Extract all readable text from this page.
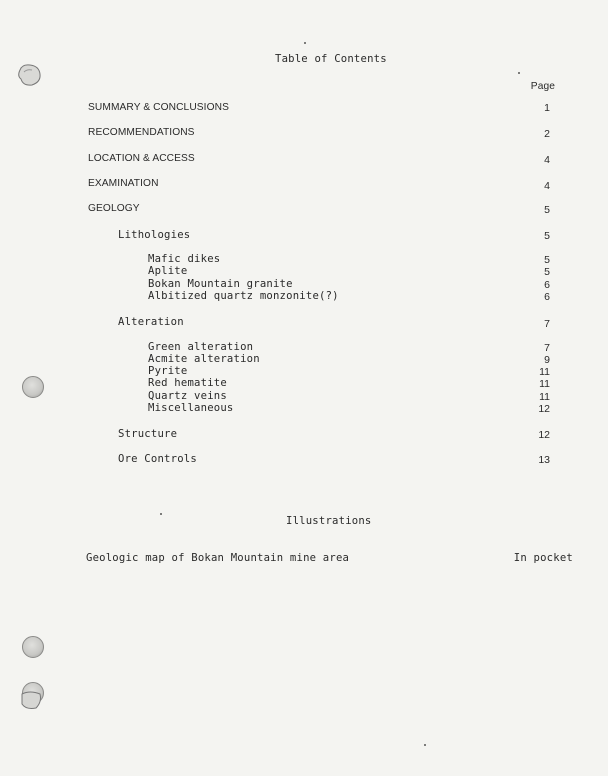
Table of Contents
Page
SUMMARY & CONCLUSIONS	1
RECOMMENDATIONS	2
LOCATION & ACCESS	4
EXAMINATION	4
GEOLOGY	5
Lithologies	5
Mafic dikes	5
Aplite	5
Bokan Mountain granite	6
Albitized quartz monzonite(?)	6
Alteration	7
Green alteration	7
Acmite alteration	9
Pyrite	11
Red hematite	11
Quartz veins	11
Miscellaneous	12
Structure	12
Ore Controls	13
Illustrations
Geologic map of Bokan Mountain mine area	In pocket
